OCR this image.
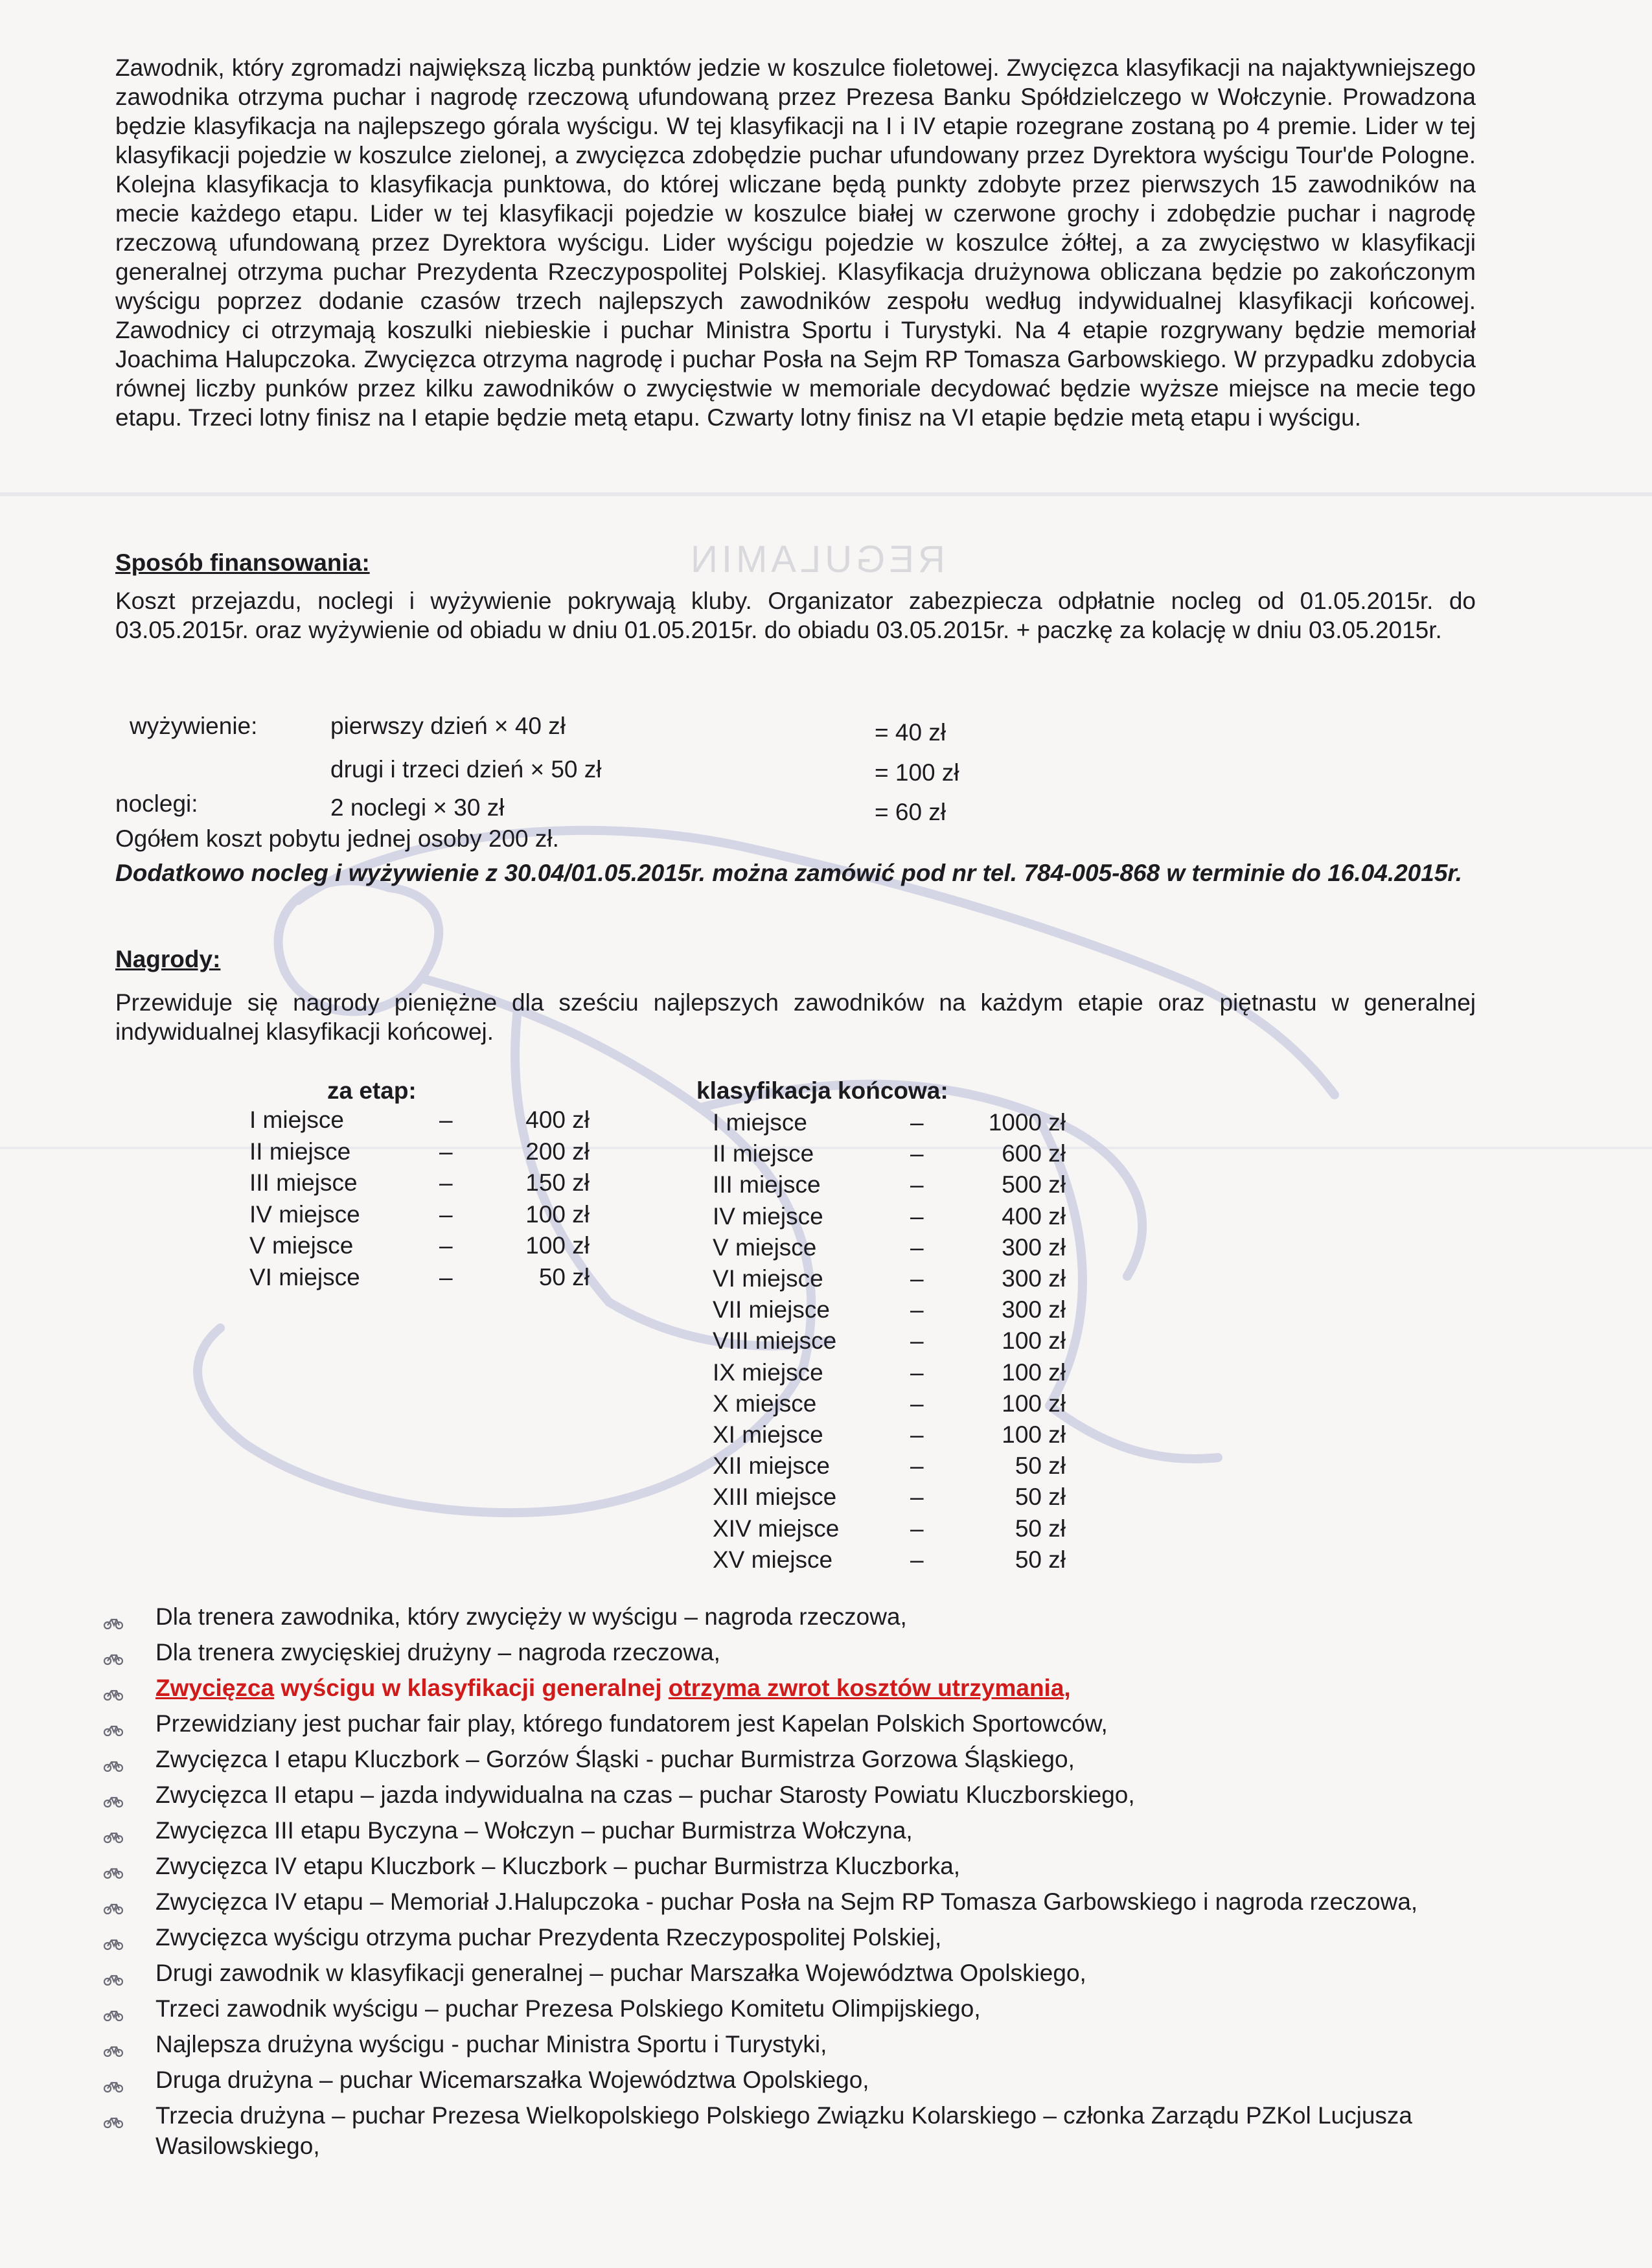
REGULAMIN

Zawodnik, który zgromadzi największą liczbą punktów jedzie w koszulce fioletowej. Zwycięzca klasyfikacji na najaktywniejszego zawodnika otrzyma puchar i nagrodę rzeczową ufundowaną przez Prezesa Banku Spółdzielczego w Wołczynie. Prowadzona będzie klasyfikacja na najlepszego górala wyścigu. W tej klasyfikacji na I i IV etapie rozegrane zostaną po 4 premie. Lider w tej klasyfikacji pojedzie w koszulce zielonej, a zwycięzca zdobędzie puchar ufundowany przez Dyrektora wyścigu Tour'de Pologne. Kolejna klasyfikacja to klasyfikacja punktowa, do której wliczane będą punkty zdobyte przez pierwszych 15 zawodników na mecie każdego etapu. Lider w tej klasyfikacji pojedzie w koszulce białej w czerwone grochy i zdobędzie puchar i nagrodę rzeczową ufundowaną przez Dyrektora wyścigu. Lider wyścigu pojedzie w koszulce żółtej, a za zwycięstwo w klasyfikacji generalnej otrzyma puchar Prezydenta Rzeczypospolitej Polskiej. Klasyfikacja drużynowa obliczana będzie po zakończonym wyścigu poprzez dodanie czasów trzech najlepszych zawodników zespołu według indywidualnej klasyfikacji końcowej. Zawodnicy ci otrzymają koszulki niebieskie i puchar Ministra Sportu i Turystyki. Na 4 etapie rozgrywany będzie memoriał Joachima Halupczoka. Zwycięzca otrzyma nagrodę i puchar Posła na Sejm RP Tomasza Garbowskiego. W przypadku zdobycia równej liczby punków przez kilku zawodników o zwycięstwie w memoriale decydować będzie wyższe miejsce na mecie tego etapu. Trzeci lotny finisz na I etapie będzie metą etapu. Czwarty lotny finisz na VI etapie będzie metą etapu i wyścigu.

Sposób finansowania:

Koszt przejazdu, noclegi i wyżywienie pokrywają kluby. Organizator zabezpiecza odpłatnie nocleg od 01.05.2015r. do 03.05.2015r. oraz wyżywienie od obiadu w dniu 01.05.2015r. do obiadu 03.05.2015r. + paczkę za kolację w dniu 03.05.2015r.

wyżywienie:	pierwszy dzień × 40 zł	= 40 zł
drugi i trzeci dzień × 50 zł	= 100 zł
noclegi:	2 noclegi × 30 zł	= 60 zł
Ogółem koszt pobytu jednej osoby 200 zł.
Dodatkowo nocleg i wyżywienie z 30.04/01.05.2015r. można zamówić pod nr tel. 784-005-868 w terminie do 16.04.2015r.
Nagrody:

Przewiduje się nagrody pieniężne dla sześciu najlepszych zawodników na każdym etapie oraz piętnastu w generalnej indywidualnej klasyfikacji końcowej.

za etap:	klasyfikacja końcowa:
I miejsce	–	400 zł
II miejsce	–	200 zł
III miejsce	–	150 zł
IV miejsce	–	100 zł
V miejsce	–	100 zł
VI miejsce	–	50 zł
I miejsce	–	1000 zł
II miejsce	–	600 zł
III miejsce	–	500 zł
IV miejsce	–	400 zł
V miejsce	–	300 zł
VI miejsce	–	300 zł
VII miejsce	–	300 zł
VIII miejsce	–	100 zł
IX miejsce	–	100 zł
X miejsce	–	100 zł
XI miejsce	–	100 zł
XII miejsce	–	50 zł
XIII miejsce	–	50 zł
XIV miejsce	–	50 zł
XV miejsce	–	50 zł
Dla trenera zawodnika, który zwycięży w wyścigu – nagroda rzeczowa,
Dla trenera zwycięskiej drużyny – nagroda rzeczowa,
Zwycięzca wyścigu w klasyfikacji generalnej otrzyma zwrot kosztów utrzymania,
Przewidziany jest puchar fair play, którego fundatorem jest Kapelan Polskich Sportowców,
Zwycięzca I etapu Kluczbork – Gorzów Śląski - puchar Burmistrza Gorzowa Śląskiego,
Zwycięzca II etapu – jazda indywidualna na czas – puchar Starosty Powiatu Kluczborskiego,
Zwycięzca III etapu Byczyna – Wołczyn – puchar Burmistrza Wołczyna,
Zwycięzca IV etapu Kluczbork – Kluczbork – puchar Burmistrza Kluczborka,
Zwycięzca IV etapu – Memoriał J.Halupczoka - puchar Posła na Sejm RP Tomasza Garbowskiego i nagroda rzeczowa,
Zwycięzca wyścigu otrzyma puchar Prezydenta Rzeczypospolitej Polskiej,
Drugi zawodnik w klasyfikacji generalnej – puchar Marszałka Województwa Opolskiego,
Trzeci zawodnik wyścigu – puchar Prezesa Polskiego Komitetu Olimpijskiego,
Najlepsza drużyna wyścigu - puchar Ministra Sportu i Turystyki,
Druga drużyna – puchar Wicemarszałka Województwa Opolskiego,
Trzecia drużyna – puchar Prezesa Wielkopolskiego Polskiego Związku Kolarskiego – członka Zarządu PZKol Lucjusza Wasilowskiego,
